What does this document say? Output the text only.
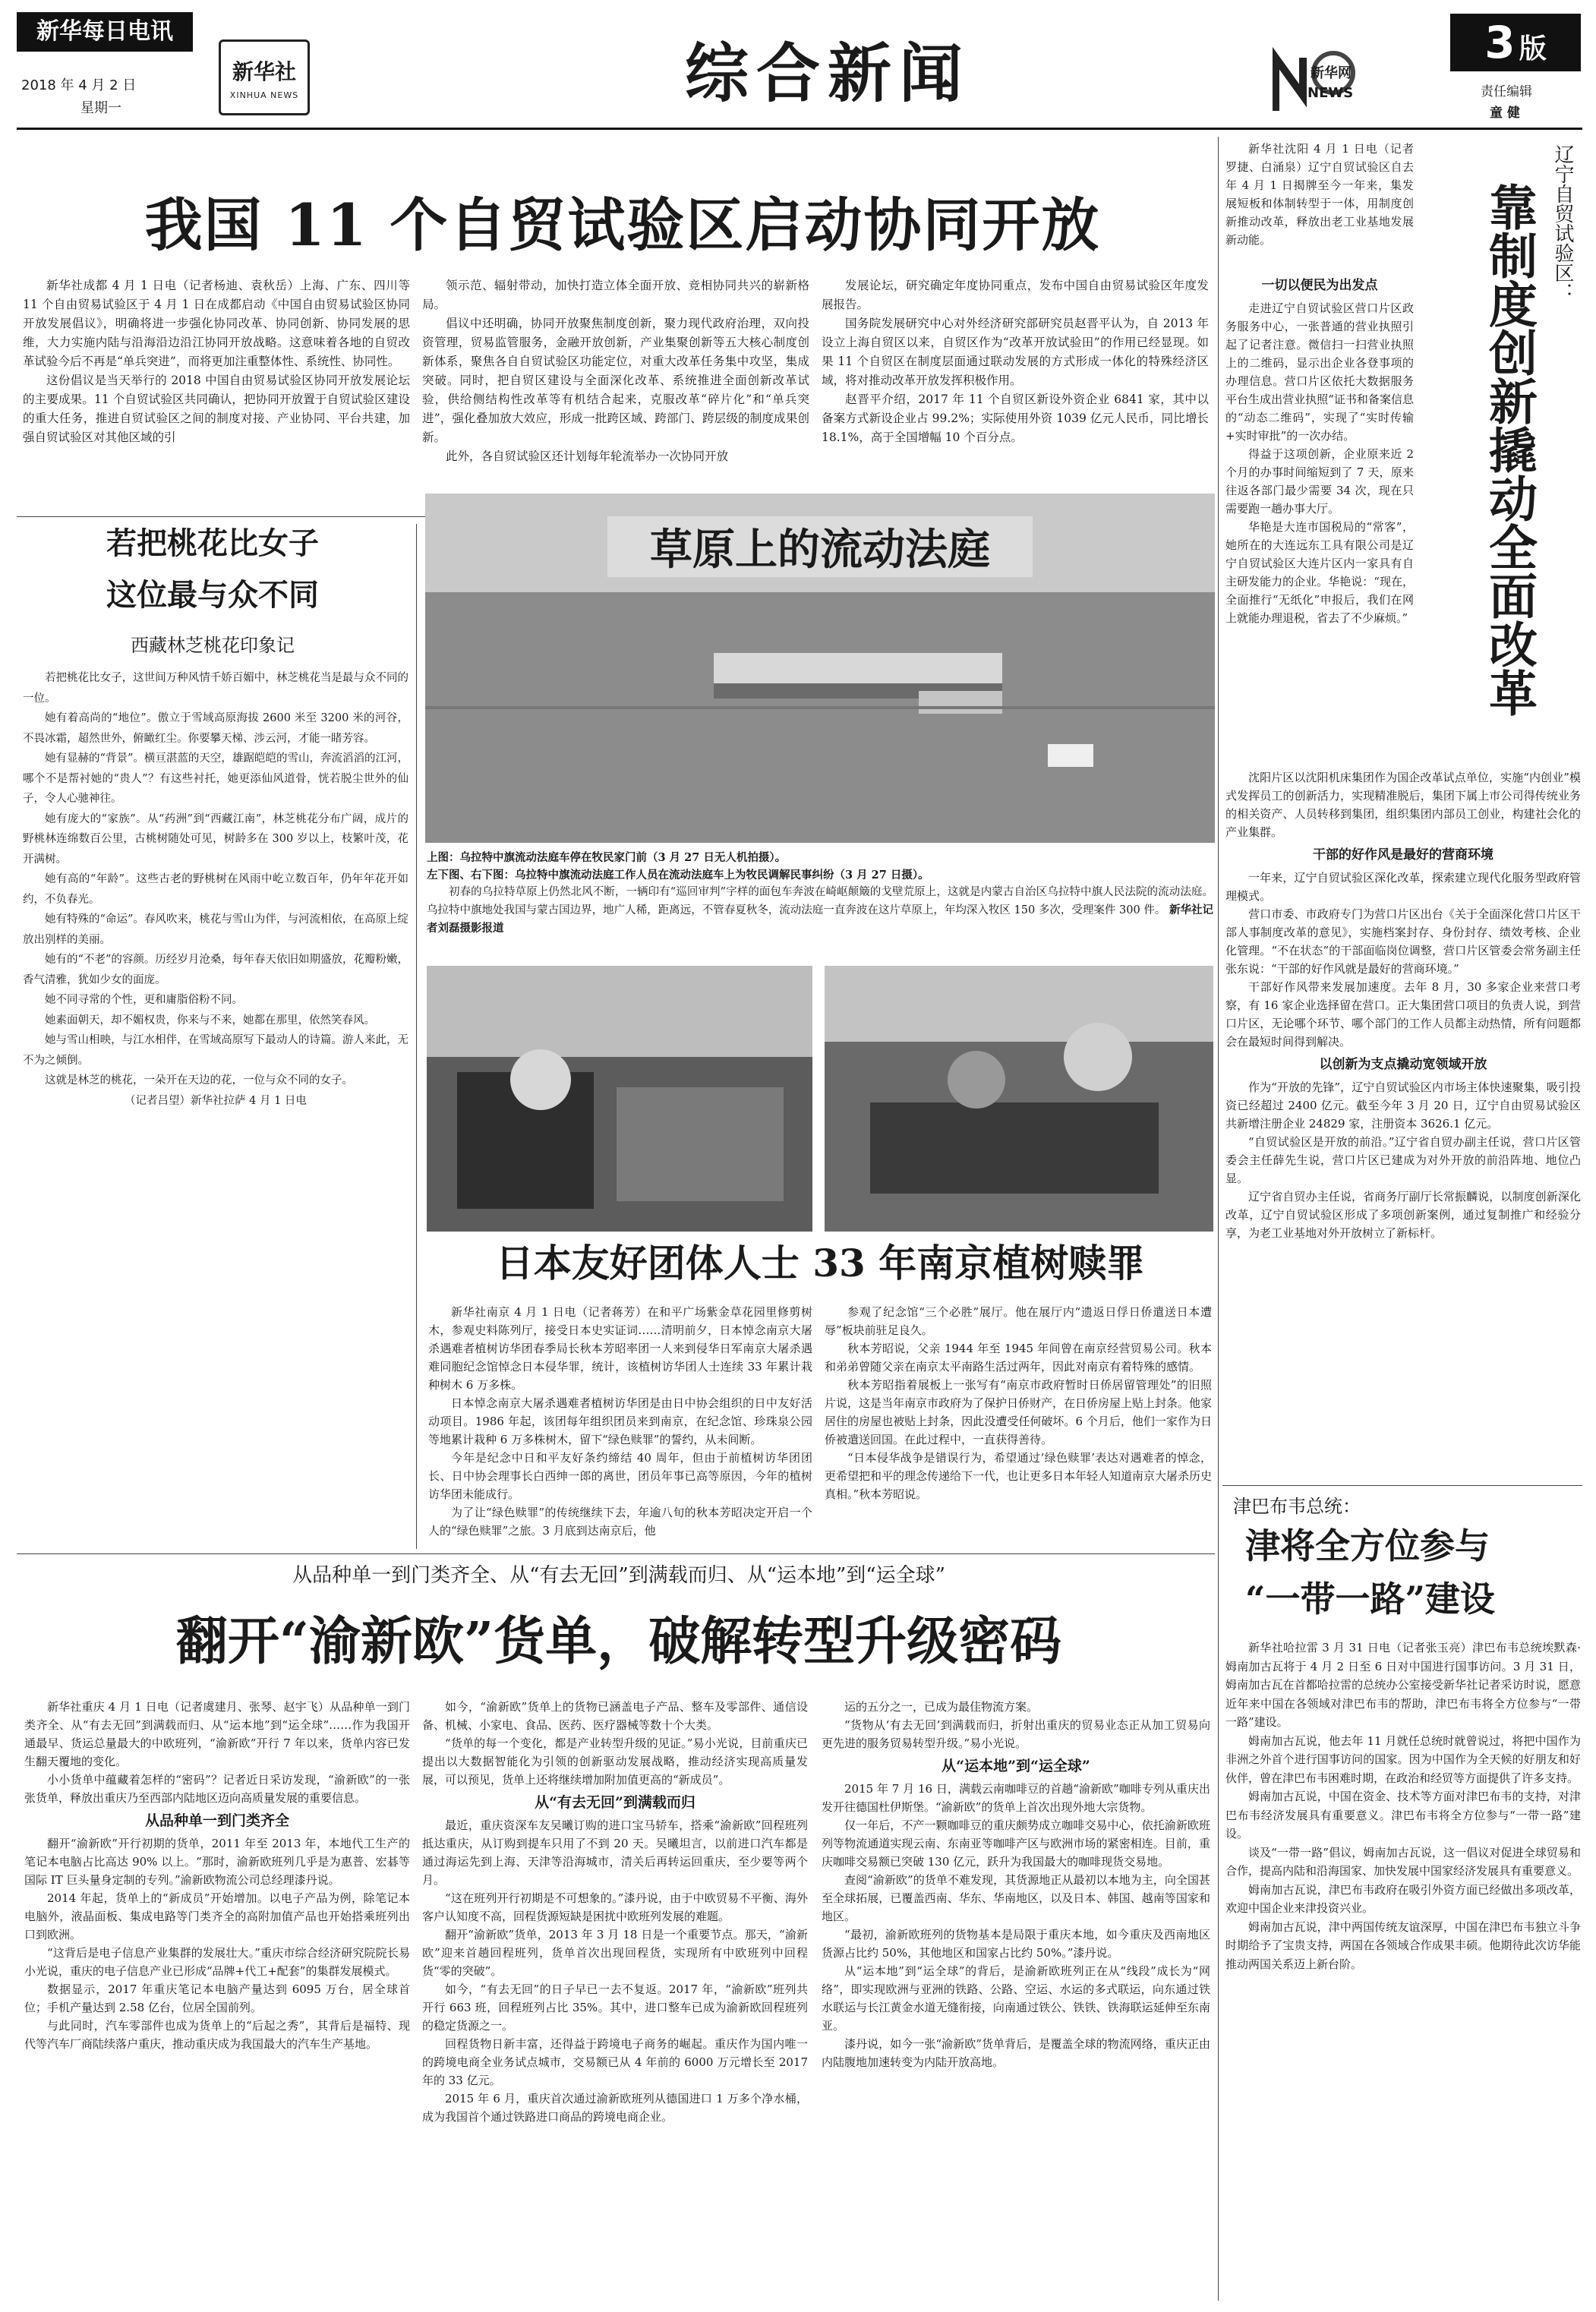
新华每日电讯
2018 年 4 月 2 日
星期一
新华社
XINHUA NEWS	综合新闻	新华网
NEWS
3 版
责任编辑
童 健
我国 11 个自贸试验区启动协同开放

新华社成都 4 月 1 日电（记者杨迪、袁秋岳）上海、广东、四川等 11 个自由贸易试验区于 4 月 1 日在成都启动《中国自由贸易试验区协同开放发展倡议》，明确将进一步强化协同改革、协同创新、协同发展的思维，大力实施内陆与沿海沿边沿江协同开放战略。这意味着各地的自贸改革试验今后不再是“单兵突进”，而将更加注重整体性、系统性、协同性。

这份倡议是当天举行的 2018 中国自由贸易试验区协同开放发展论坛的主要成果。11 个自贸试验区共同确认，把协同开放置于自贸试验区建设的重大任务，推进自贸试验区之间的制度对接、产业协同、平台共建，加强自贸试验区对其他区域的引

领示范、辐射带动，加快打造立体全面开放、竞相协同共兴的崭新格局。

倡议中还明确，协同开放聚焦制度创新，聚力现代政府治理，双向投资管理，贸易监管服务，金融开放创新，产业集聚创新等五大核心制度创新体系，聚焦各自自贸试验区功能定位，对重大改革任务集中攻坚，集成突破。同时，把自贸区建设与全面深化改革、系统推进全面创新改革试验，供给侧结构性改革等有机结合起来，克服改革“碎片化”和“单兵突进”，强化叠加放大效应，形成一批跨区域、跨部门、跨层级的制度成果创新。

此外，各自贸试验区还计划每年轮流举办一次协同开放

发展论坛，研究确定年度协同重点，发布中国自由贸易试验区年度发展报告。

国务院发展研究中心对外经济研究部研究员赵晋平认为，自 2013 年设立上海自贸区以来，自贸区作为“改革开放试验田”的作用已经显现。如果 11 个自贸区在制度层面通过联动发展的方式形成一体化的特殊经济区域，将对推动改革开放发挥积极作用。

赵晋平介绍，2017 年 11 个自贸区新设外资企业 6841 家，其中以备案方式新设企业占 99.2%；实际使用外资 1039 亿元人民币，同比增长 18.1%，高于全国增幅 10 个百分点。

若把桃花比女子
这位最与众不同
西藏林芝桃花印象记

若把桃花比女子，这世间万种风情千娇百媚中，林芝桃花当是最与众不同的一位。

她有着高尚的“地位”。傲立于雪域高原海拔 2600 米至 3200 米的河谷，不畏冰霜，超然世外，俯瞰红尘。你要攀天梯、涉云河，才能一睹芳容。

她有显赫的“背景”。横亘湛蓝的天空，雄踞皑皑的雪山，奔流滔滔的江河，哪个不是帮衬她的“贵人”？有这些衬托，她更添仙风道骨，恍若脱尘世外的仙子，令人心驰神往。

她有庞大的“家族”。从“药洲”到“西藏江南”，林芝桃花分布广阔，成片的野桃林连绵数百公里，古桃树随处可见，树龄多在 300 岁以上，枝繁叶茂，花开满树。

她有高的“年龄”。这些古老的野桃树在风雨中屹立数百年，仍年年花开如约，不负春光。

她有特殊的“命运”。春风吹来，桃花与雪山为伴，与河流相依，在高原上绽放出别样的美丽。

她有的“不老”的容颜。历经岁月沧桑，每年春天依旧如期盛放，花瓣粉嫩，香气清雅，犹如少女的面庞。

她不同寻常的个性，更和庸脂俗粉不同。

她素面朝天，却不媚权贵，你来与不来，她都在那里，依然笑春风。

她与雪山相映，与江水相伴，在雪域高原写下最动人的诗篇。游人来此，无不为之倾倒。

这就是林芝的桃花，一朵开在天边的花，一位与众不同的女子。

（记者吕望）新华社拉萨 4 月 1 日电

草原上的流动法庭
上图：乌拉特中旗流动法庭车停在牧民家门前（3 月 27 日无人机拍摄）。
左下图、右下图：乌拉特中旗流动法庭工作人员在流动法庭车上为牧民调解民事纠纷（3 月 27 日摄）。
初春的乌拉特草原上仍然北风不断，一辆印有“巡回审判”字样的面包车奔波在崎岖颠簸的戈壁荒原上，这就是内蒙古自治区乌拉特中旗人民法院的流动法庭。乌拉特中旗地处我国与蒙古国边界，地广人稀，距离远，不管春夏秋冬，流动法庭一直奔波在这片草原上，年均深入牧区 150 多次，受理案件 300 件。 新华社记者刘磊摄影报道
日本友好团体人士 33 年南京植树赎罪

新华社南京 4 月 1 日电（记者蒋芳）在和平广场紫金草花园里修剪树木，参观史料陈列厅，接受日本史实证词……清明前夕，日本悼念南京大屠杀遇难者植树访华团春季局长秋本芳昭率团一人来到侵华日军南京大屠杀遇难同胞纪念馆悼念日本侵华罪，统计，该植树访华团人士连续 33 年累计栽种树木 6 万多株。

日本悼念南京大屠杀遇难者植树访华团是由日中协会组织的日中友好活动项目。1986 年起，该团每年组织团员来到南京，在纪念馆、珍珠泉公园等地累计栽种 6 万多株树木，留下“绿色赎罪”的誓约，从未间断。

今年是纪念中日和平友好条约缔结 40 周年，但由于前植树访华团团长、日中协会理事长白西绅一郎的离世，团员年事已高等原因，今年的植树访华团未能成行。

为了让“绿色赎罪”的传统继续下去，年逾八旬的秋本芳昭决定开启一个人的“绿色赎罪”之旅。3 月底到达南京后，他

参观了纪念馆“三个必胜”展厅。他在展厅内“遗返日俘日侨遣送日本遭辱”板块前驻足良久。

秋本芳昭说，父亲 1944 年至 1945 年间曾在南京经营贸易公司。秋本和弟弟曾随父亲在南京太平南路生活过两年，因此对南京有着特殊的感情。

秋本芳昭指着展板上一张写有“南京市政府暂时日侨居留管理处”的旧照片说，这是当年南京市政府为了保护日侨财产，在日侨房屋上贴上封条。他家居住的房屋也被贴上封条，因此没遭受任何破坏。6 个月后，他们一家作为日侨被遣送回国。在此过程中，一直获得善待。

“日本侵华战争是错误行为，希望通过‘绿色赎罪’表达对遇难者的悼念，更希望把和平的理念传递给下一代，也让更多日本年轻人知道南京大屠杀历史真相。”秋本芳昭说。

新华社沈阳 4 月 1 日电（记者罗捷、白涌泉）辽宁自贸试验区自去年 4 月 1 日揭牌至今一年来，集发展短板和体制转型于一体，用制度创新推动改革，释放出老工业基地发展新动能。	辽宁自贸试验区：
靠制度创新撬动全面改革
一切以便民为出发点

走进辽宁自贸试验区营口片区政务服务中心，一张普通的营业执照引起了记者注意。微信扫一扫营业执照上的二维码，显示出企业各登事项的办理信息。营口片区依托大数据服务平台生成出营业执照“证书和备案信息的“动态二维码”，实现了“实时传输+实时审批”的一次办结。

得益于这项创新，企业原来近 2 个月的办事时间缩短到了 7 天，原来往返各部门最少需要 34 次，现在只需要跑一趟办事大厅。

华艳是大连市国税局的“常客”，她所在的大连远东工具有限公司是辽宁自贸试验区大连片区内一家具有自主研发能力的企业。华艳说：“现在，全面推行“无纸化”申报后，我们在网上就能办理退税，省去了不少麻烦。”

沈阳片区以沈阳机床集团作为国企改革试点单位，实施“内创业”模式发挥员工的创新活力，实现精准脱后，集团下属上市公司得传统业务的相关资产、人员转移到集团，组织集团内部员工创业，构建社会化的产业集群。

干部的好作风是最好的营商环境

一年来，辽宁自贸试验区深化改革，探索建立现代化服务型政府管理模式。

营口市委、市政府专门为营口片区出台《关于全面深化营口片区干部人事制度改革的意见》，实施档案封存、身份封存、绩效考核、企业化管理。“不在状态”的干部面临岗位调整，营口片区管委会常务副主任张东说：“干部的好作风就是最好的营商环境。”

干部好作风带来发展加速度。去年 8 月，30 多家企业来营口考察，有 16 家企业选择留在营口。正大集团营口项目的负责人说，到营口片区，无论哪个环节、哪个部门的工作人员都主动热情，所有问题都会在最短时间得到解决。

以创新为支点撬动宽领域开放

作为“开放的先锋”，辽宁自贸试验区内市场主体快速聚集，吸引投资已经超过 2400 亿元。截至今年 3 月 20 日，辽宁自由贸易试验区共新增注册企业 24829 家，注册资本 3626.1 亿元。

“自贸试验区是开放的前沿。”辽宁省自贸办副主任说，营口片区管委会主任薛先生说，营口片区已建成为对外开放的前沿阵地、地位凸显。

辽宁省自贸办主任说，省商务厅副厅长常振麟说，以制度创新深化改革，辽宁自贸试验区形成了多项创新案例，通过复制推广和经验分享，为老工业基地对外开放树立了新标杆。

津巴布韦总统：
津将全方位参与
“一带一路”建设

新华社哈拉雷 3 月 31 日电（记者张玉亮）津巴布韦总统埃默森·姆南加古瓦将于 4 月 2 日至 6 日对中国进行国事访问。3 月 31 日，姆南加古瓦在首都哈拉雷的总统办公室接受新华社记者采访时说，愿意近年来中国在各领域对津巴布韦的帮助，津巴布韦将全方位参与“一带一路”建设。

姆南加古瓦说，他去年 11 月就任总统时就曾说过，将把中国作为非洲之外首个进行国事访问的国家。因为中国作为全天候的好朋友和好伙伴，曾在津巴布韦困难时期，在政治和经贸等方面提供了许多支持。

姆南加古瓦说，中国在资金、技术等方面对津巴布韦的支持，对津巴布韦经济发展具有重要意义。津巴布韦将全方位参与“一带一路”建设。

谈及“一带一路”倡议，姆南加古瓦说，这一倡议对促进全球贸易和合作，提高内陆和沿海国家、加快发展中国家经济发展具有重要意义。

姆南加古瓦说，津巴布韦政府在吸引外资方面已经做出多项改革，欢迎中国企业来津投资兴业。

姆南加古瓦说，津中两国传统友谊深厚，中国在津巴布韦独立斗争时期给予了宝贵支持，两国在各领域合作成果丰硕。他期待此次访华能推动两国关系迈上新台阶。

从品种单一到门类齐全、从“有去无回”到满载而归、从“运本地”到“运全球”
翻开“渝新欧”货单，破解转型升级密码

新华社重庆 4 月 1 日电（记者虞建月、张琴、赵宇飞）从品种单一到门类齐全、从“有去无回”到满载而归、从“运本地”到“运全球”……作为我国开通最早、货运总量最大的中欧班列，“渝新欧”开行 7 年以来，货单内容已发生翻天覆地的变化。

小小货单中蕴藏着怎样的“密码”？记者近日采访发现，“渝新欧”的一张张货单，释放出重庆乃至西部内陆地区迈向高质量发展的重要信息。

从品种单一到门类齐全

翻开“渝新欧”开行初期的货单，2011 年至 2013 年，本地代工生产的笔记本电脑占比高达 90% 以上。“那时，渝新欧班列几乎是为惠普、宏碁等国际 IT 巨头量身定制的专列。”渝新欧物流公司总经理漆丹说。

2014 年起，货单上的“新成员”开始增加。以电子产品为例，除笔记本电脑外，液晶面板、集成电路等门类齐全的高附加值产品也开始搭乘班列出口到欧洲。

“这背后是电子信息产业集群的发展壮大。”重庆市综合经济研究院院长易小光说，重庆的电子信息产业已形成“品牌+代工+配套”的集群发展模式。

数据显示，2017 年重庆笔记本电脑产量达到 6095 万台，居全球首位；手机产量达到 2.58 亿台，位居全国前列。

与此同时，汽车零部件也成为货单上的“后起之秀”，其背后是福特、现代等汽车厂商陆续落户重庆，推动重庆成为我国最大的汽车生产基地。

如今，“渝新欧”货单上的货物已涵盖电子产品、整车及零部件、通信设备、机械、小家电、食品、医药、医疗器械等数十个大类。

“货单的每一个变化，都是产业转型升级的见证。”易小光说，目前重庆已提出以大数据智能化为引领的创新驱动发展战略，推动经济实现高质量发展，可以预见，货单上还将继续增加附加值更高的“新成员”。

从“有去无回”到满载而归

最近，重庆资深车友吴曦订购的进口宝马轿车，搭乘“渝新欧”回程班列抵达重庆，从订购到提车只用了不到 20 天。吴曦坦言，以前进口汽车都是通过海运先到上海、天津等沿海城市，清关后再转运回重庆，至少要等两个月。

“这在班列开行初期是不可想象的。”漆丹说，由于中欧贸易不平衡、海外客户认知度不高，回程货源短缺是困扰中欧班列发展的难题。

翻开“渝新欧”货单，2013 年 3 月 18 日是一个重要节点。那天，“渝新欧”迎来首趟回程班列，货单首次出现回程货，实现所有中欧班列中回程货“零的突破”。

如今，“有去无回”的日子早已一去不复返。2017 年，“渝新欧”班列共开行 663 班，回程班列占比 35%。其中，进口整车已成为渝新欧回程班列的稳定货源之一。

回程货物日新丰富，还得益于跨境电子商务的崛起。重庆作为国内唯一的跨境电商全业务试点城市，交易额已从 4 年前的 6000 万元增长至 2017 年的 33 亿元。

2015 年 6 月，重庆首次通过渝新欧班列从德国进口 1 万多个净水桶，成为我国首个通过铁路进口商品的跨境电商企业。

运的五分之一，已成为最佳物流方案。

“货物从‘有去无回’到满载而归，折射出重庆的贸易业态正从加工贸易向更先进的服务贸易转型升级。”易小光说。

从“运本地”到“运全球”

2015 年 7 月 16 日，满载云南咖啡豆的首趟“渝新欧”咖啡专列从重庆出发开往德国杜伊斯堡。“渝新欧”的货单上首次出现外地大宗货物。

仅一年后，不产一颗咖啡豆的重庆颇势成立咖啡交易中心，依托渝新欧班列等物流通道实现云南、东南亚等咖啡产区与欧洲市场的紧密相连。目前，重庆咖啡交易额已突破 130 亿元，跃升为我国最大的咖啡现货交易地。

查阅“渝新欧”的货单不难发现，其货源地正从最初以本地为主，向全国甚至全球拓展，已覆盖西南、华东、华南地区，以及日本、韩国、越南等国家和地区。

“最初，渝新欧班列的货物基本是局限于重庆本地，如今重庆及西南地区货源占比约 50%，其他地区和国家占比约 50%。”漆丹说。

从“运本地”到“运全球”的背后，是渝新欧班列正在从“线段”成长为“网络”，即实现欧洲与亚洲的铁路、公路、空运、水运的多式联运，向东通过铁水联运与长江黄金水道无缝衔接，向南通过铁公、铁铁、铁海联运延伸至东南亚。

漆丹说，如今一张“渝新欧”货单背后，是覆盖全球的物流网络，重庆正由内陆腹地加速转变为内陆开放高地。
